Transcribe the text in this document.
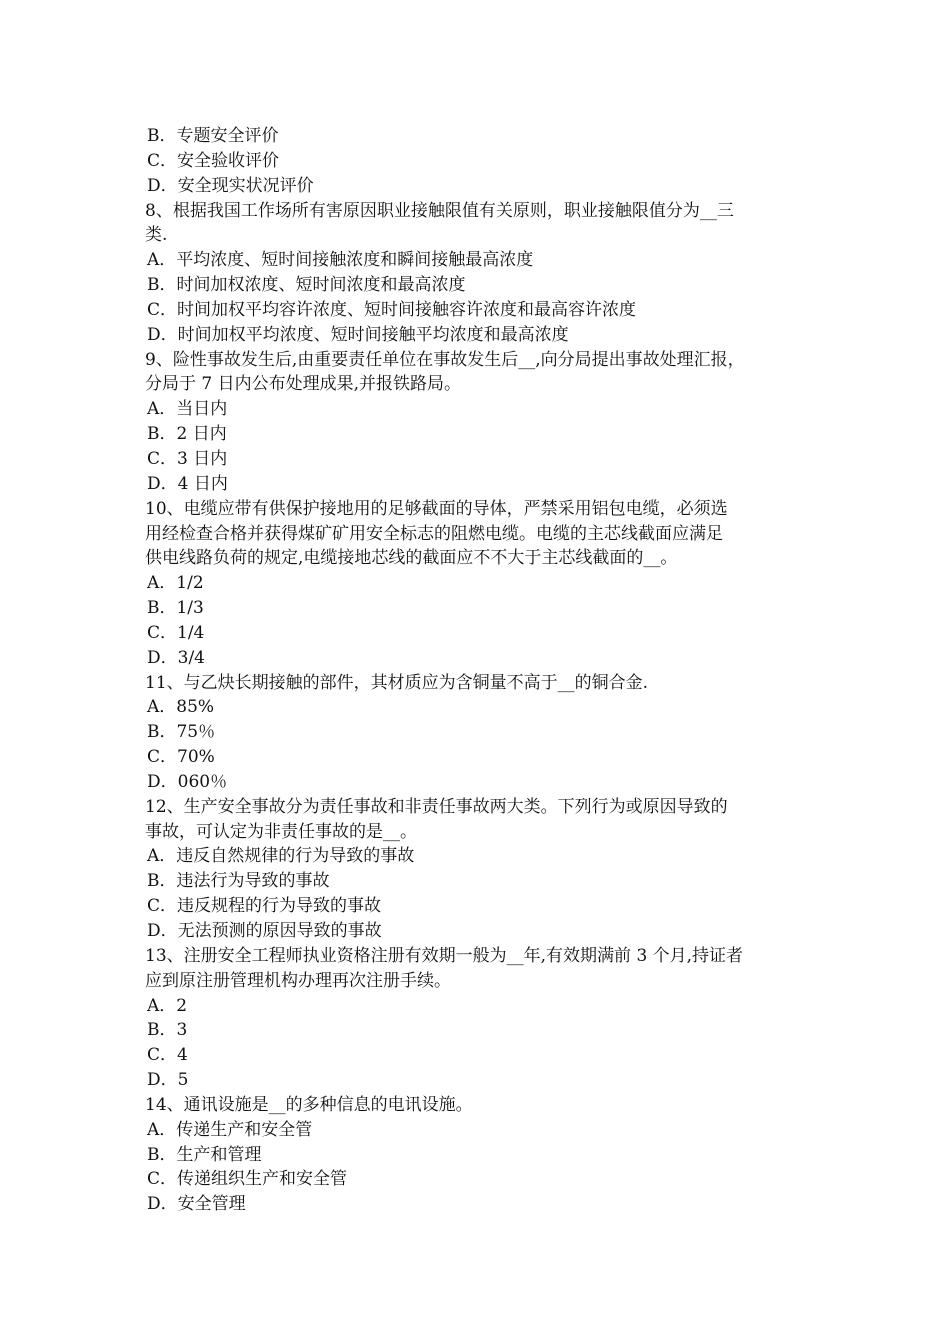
B．专题安全评价
C．安全验收评价
D．安全现实状况评价
8、根据我国工作场所有害原因职业接触限值有关原则，职业接触限值分为__三
类.
A．平均浓度、短时间接触浓度和瞬间接触最高浓度
B．时间加权浓度、短时间浓度和最高浓度
C．时间加权平均容许浓度、短时间接触容许浓度和最高容许浓度
D．时间加权平均浓度、短时间接触平均浓度和最高浓度
9、险性事故发生后,由重要责任单位在事故发生后__,向分局提出事故处理汇报，
分局于 7 日内公布处理成果,并报铁路局。
A．当日内
B．2 日内
C．3 日内
D．4 日内
10、电缆应带有供保护接地用的足够截面的导体，严禁采用铝包电缆，必须选
用经检查合格并获得煤矿矿用安全标志的阻燃电缆。电缆的主芯线截面应满足
供电线路负荷的规定,电缆接地芯线的截面应不不大于主芯线截面的__。
A．1/2
B．1/3
C．1/4
D．3/4
11、与乙炔长期接触的部件，其材质应为含铜量不高于__的铜合金.
A．85%
B．75％
C．70%
D．060％
12、生产安全事故分为责任事故和非责任事故两大类。下列行为或原因导致的
事故，可认定为非责任事故的是__。
A．违反自然规律的行为导致的事故
B．违法行为导致的事故
C．违反规程的行为导致的事故
D．无法预测的原因导致的事故
13、注册安全工程师执业资格注册有效期一般为__年,有效期满前 3 个月,持证者
应到原注册管理机构办理再次注册手续。
A．2
B．3
C．4
D．5
14、通讯设施是__的多种信息的电讯设施。
A．传递生产和安全管
B．生产和管理
C．传递组织生产和安全管
D．安全管理
